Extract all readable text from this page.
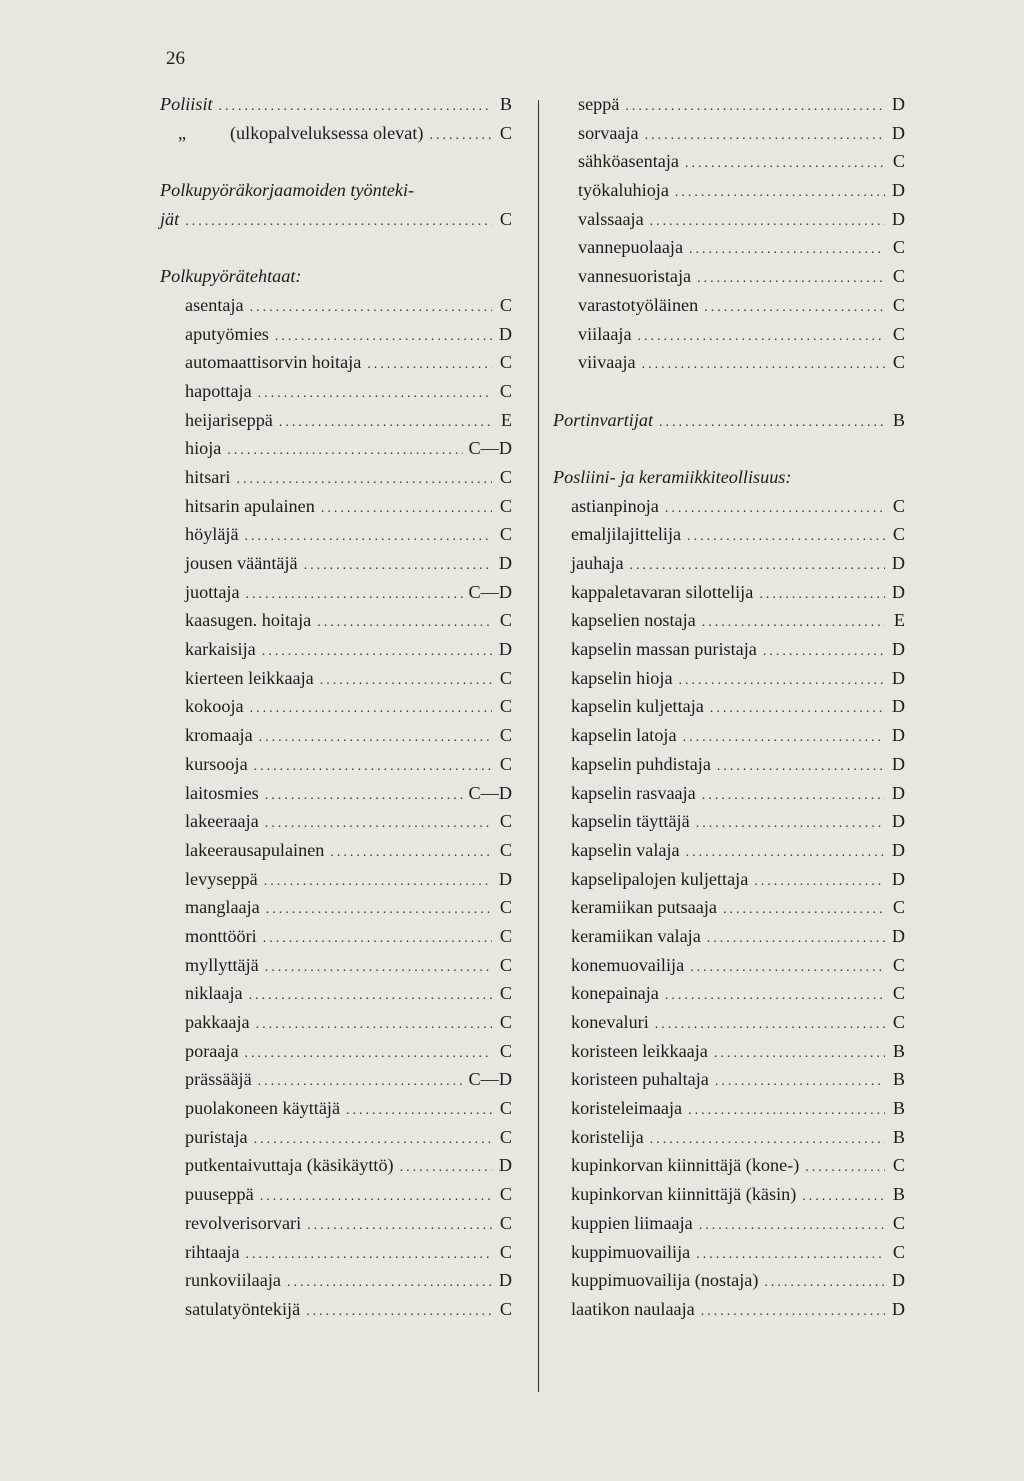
26
Poliisit .....	B
„	(ulkopalveluksessa olevat) .....	C
Polkupyöräkorjaamoiden työnteki-
jät .....	C
Polkupyörätehtaat:
asentaja .....	C
aputyömies .....	D
automaattisorvin hoitaja .....	C
hapottaja .....	C
heijariseppä .....	E
hioja .....	C—D
hitsari .....	C
hitsarin apulainen .....	C
höyläjä .....	C
jousen vääntäjä .....	D
juottaja .....	C—D
kaasugen. hoitaja .....	C
karkaisija .....	D
kierteen leikkaaja .....	C
kokooja .....	C
kromaaja .....	C
kursooja .....	C
laitosmies .....	C—D
lakeeraaja .....	C
lakeerausapulainen .....	C
levyseppä .....	D
manglaaja .....	C
monttööri .....	C
myllyttäjä .....	C
niklaaja .....	C
pakkaaja .....	C
poraaja .....	C
prässääjä .....	C—D
puolakoneen käyttäjä .....	C
puristaja .....	C
putkentaivuttaja (käsikäyttö) .....	D
puuseppä .....	C
revolverisorvari .....	C
rihtaaja .....	C
runkoviilaaja .....	D
satulatyöntekijä .....	C
seppä .....	D
sorvaaja .....	D
sähköasentaja .....	C
työkaluhioja .....	D
valssaaja .....	D
vannepuolaaja .....	C
vannesuoristaja .....	C
varastotyöläinen .....	C
viilaaja .....	C
viivaaja .....	C
Portinvartijat .....	B
Posliini- ja keramiikkiteollisuus:
astianpinoja .....	C
emaljilajittelija .....	C
jauhaja .....	D
kappaletavaran silottelija .....	D
kapselien nostaja .....	E
kapselin massan puristaja .....	D
kapselin hioja .....	D
kapselin kuljettaja .....	D
kapselin latoja .....	D
kapselin puhdistaja .....	D
kapselin rasvaaja .....	D
kapselin täyttäjä .....	D
kapselin valaja .....	D
kapselipalojen kuljettaja .....	D
keramiikan putsaaja .....	C
keramiikan valaja .....	D
konemuovailija .....	C
konepainaja .....	C
konevaluri .....	C
koristeen leikkaaja .....	B
koristeen puhaltaja .....	B
koristeleimaaja .....	B
koristelija .....	B
kupinkorvan kiinnittäjä (kone-) .....	C
kupinkorvan kiinnittäjä (käsin) .....	B
kuppien liimaaja .....	C
kuppimuovailija .....	C
kuppimuovailija (nostaja) .....	D
laatikon naulaaja .....	D
